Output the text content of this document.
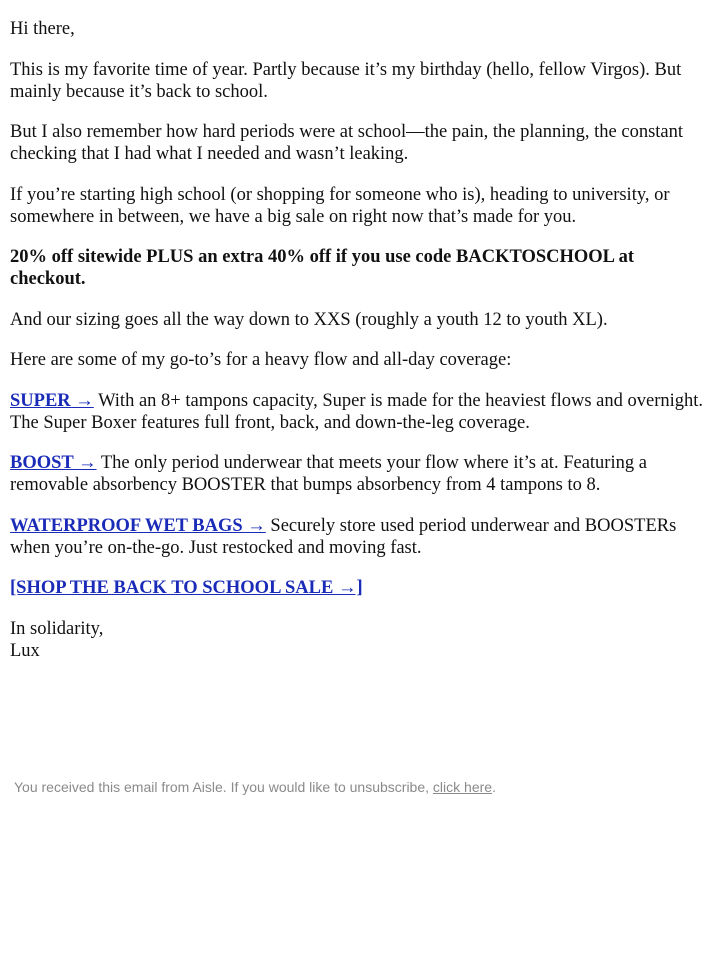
Hi there,

This is my favorite time of year. Partly because it’s my birthday (hello, fellow Virgos). But mainly because it’s back to school.

But I also remember how hard periods were at school—the pain, the planning, the constant checking that I had what I needed and wasn’t leaking.

If you’re starting high school (or shopping for someone who is), heading to university, or somewhere in between, we have a big sale on right now that’s made for you.

20% off sitewide PLUS an extra 40% off if you use code BACKTOSCHOOL at checkout.

And our sizing goes all the way down to XXS (roughly a youth 12 to youth XL).

Here are some of my go-to’s for a heavy flow and all-day coverage:

SUPER → With an 8+ tampons capacity, Super is made for the heaviest flows and overnight. The Super Boxer features full front, back, and down-the-leg coverage.

BOOST → The only period underwear that meets your flow where it’s at. Featuring a removable absorbency BOOSTER that bumps absorbency from 4 tampons to 8.

WATERPROOF WET BAGS → Securely store used period underwear and BOOSTERs when you’re on-the-go. Just restocked and moving fast.

[SHOP THE BACK TO SCHOOL SALE →]

In solidarity,
Lux

You received this email from Aisle. If you would like to unsubscribe, click here.
